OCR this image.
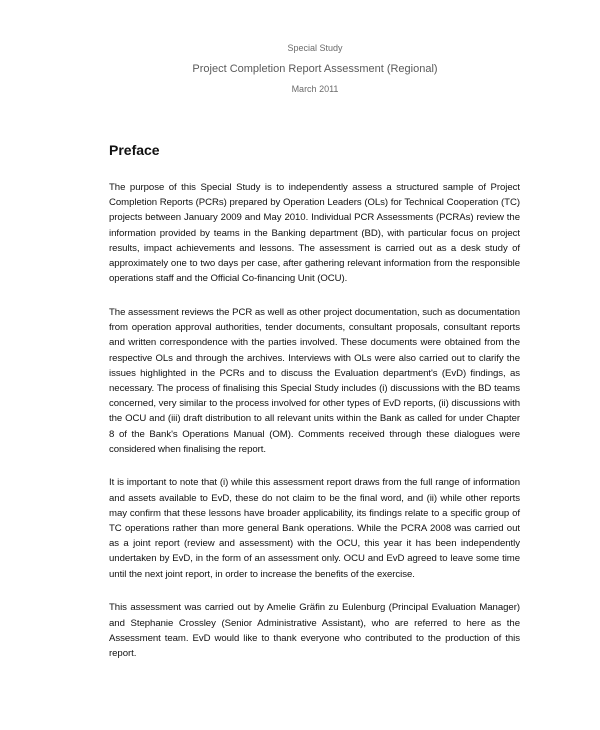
Special Study

Project Completion Report Assessment (Regional)

March 2011

Preface

The purpose of this Special Study is to independently assess a structured sample of Project Completion Reports (PCRs) prepared by Operation Leaders (OLs) for Technical Cooperation (TC) projects between January 2009 and May 2010. Individual PCR Assessments (PCRAs) review the information provided by teams in the Banking department (BD), with particular focus on project results, impact achievements and lessons. The assessment is carried out as a desk study of approximately one to two days per case, after gathering relevant information from the responsible operations staff and the Official Co-financing Unit (OCU).

The assessment reviews the PCR as well as other project documentation, such as documentation from operation approval authorities, tender documents, consultant proposals, consultant reports and written correspondence with the parties involved. These documents were obtained from the respective OLs and through the archives. Interviews with OLs were also carried out to clarify the issues highlighted in the PCRs and to discuss the Evaluation department's (EvD) findings, as necessary. The process of finalising this Special Study includes (i) discussions with the BD teams concerned, very similar to the process involved for other types of EvD reports, (ii) discussions with the OCU and (iii) draft distribution to all relevant units within the Bank as called for under Chapter 8 of the Bank's Operations Manual (OM). Comments received through these dialogues were considered when finalising the report.

It is important to note that (i) while this assessment report draws from the full range of information and assets available to EvD, these do not claim to be the final word, and (ii) while other reports may confirm that these lessons have broader applicability, its findings relate to a specific group of TC operations rather than more general Bank operations. While the PCRA 2008 was carried out as a joint report (review and assessment) with the OCU, this year it has been independently undertaken by EvD, in the form of an assessment only. OCU and EvD agreed to leave some time until the next joint report, in order to increase the benefits of the exercise.

This assessment was carried out by Amelie Gräfin zu Eulenburg (Principal Evaluation Manager) and Stephanie Crossley (Senior Administrative Assistant), who are referred to here as the Assessment team. EvD would like to thank everyone who contributed to the production of this report.
